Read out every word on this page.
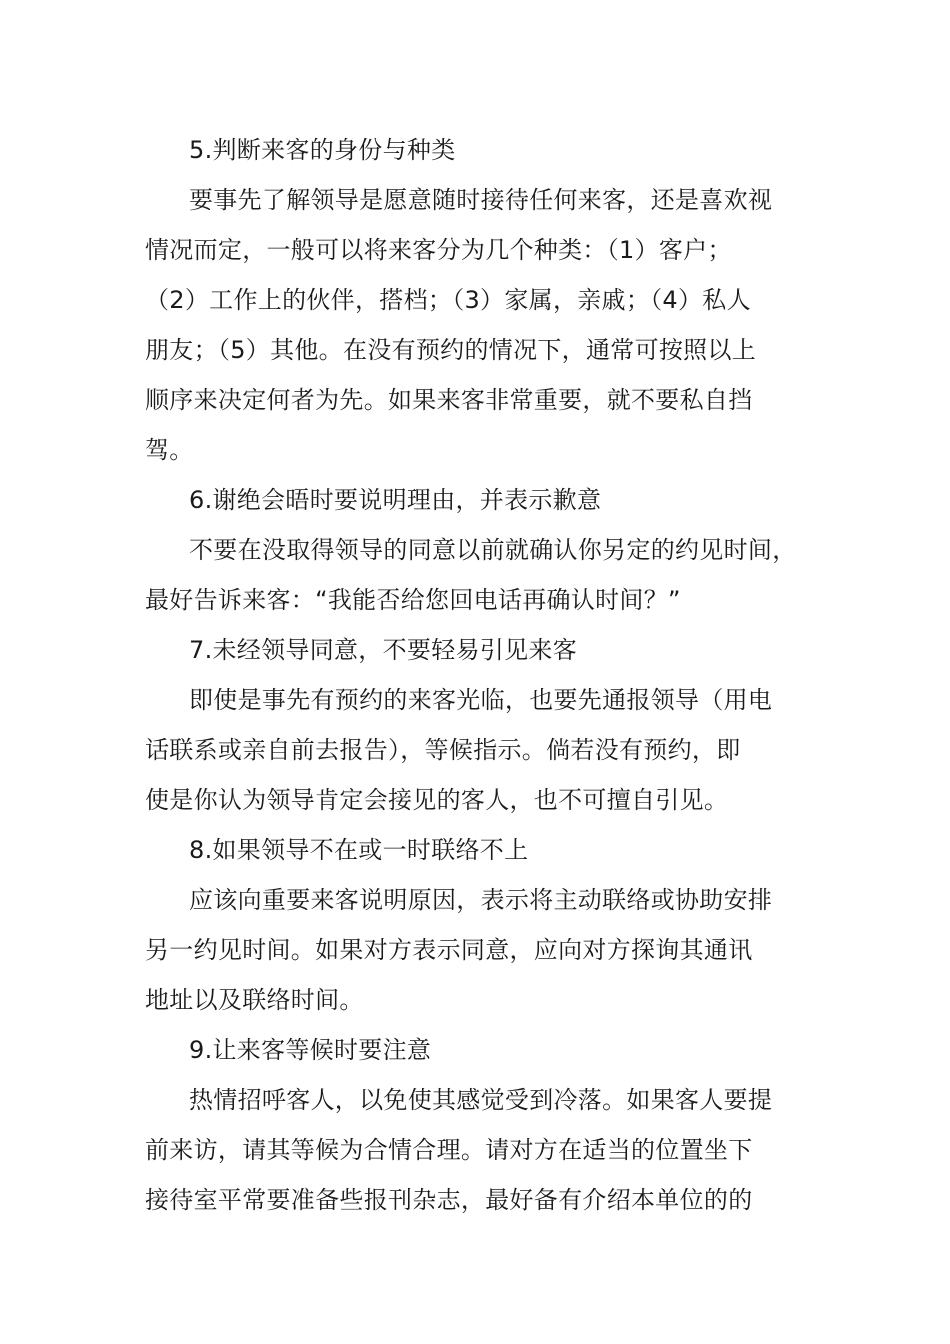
5.判断来客的身份与种类
要事先了解领导是愿意随时接待任何来客，还是喜欢视
情况而定，一般可以将来客分为几个种类：（1）客户；
（2）工作上的伙伴，搭档；（3）家属，亲戚；（4）私人
朋友；（5）其他。在没有预约的情况下，通常可按照以上
顺序来决定何者为先。如果来客非常重要，就不要私自挡
驾。
6.谢绝会晤时要说明理由，并表示歉意
不要在没取得领导的同意以前就确认你另定的约见时间，
最好告诉来客：“我能否给您回电话再确认时间？”
7.未经领导同意，不要轻易引见来客
即使是事先有预约的来客光临，也要先通报领导（用电
话联系或亲自前去报告），等候指示。倘若没有预约，即
使是你认为领导肯定会接见的客人，也不可擅自引见。
8.如果领导不在或一时联络不上
应该向重要来客说明原因，表示将主动联络或协助安排
另一约见时间。如果对方表示同意，应向对方探询其通讯
地址以及联络时间。
9.让来客等候时要注意
热情招呼客人，以免使其感觉受到冷落。如果客人要提
前来访，请其等候为合情合理。请对方在适当的位置坐下
接待室平常要准备些报刊杂志，最好备有介绍本单位的的
